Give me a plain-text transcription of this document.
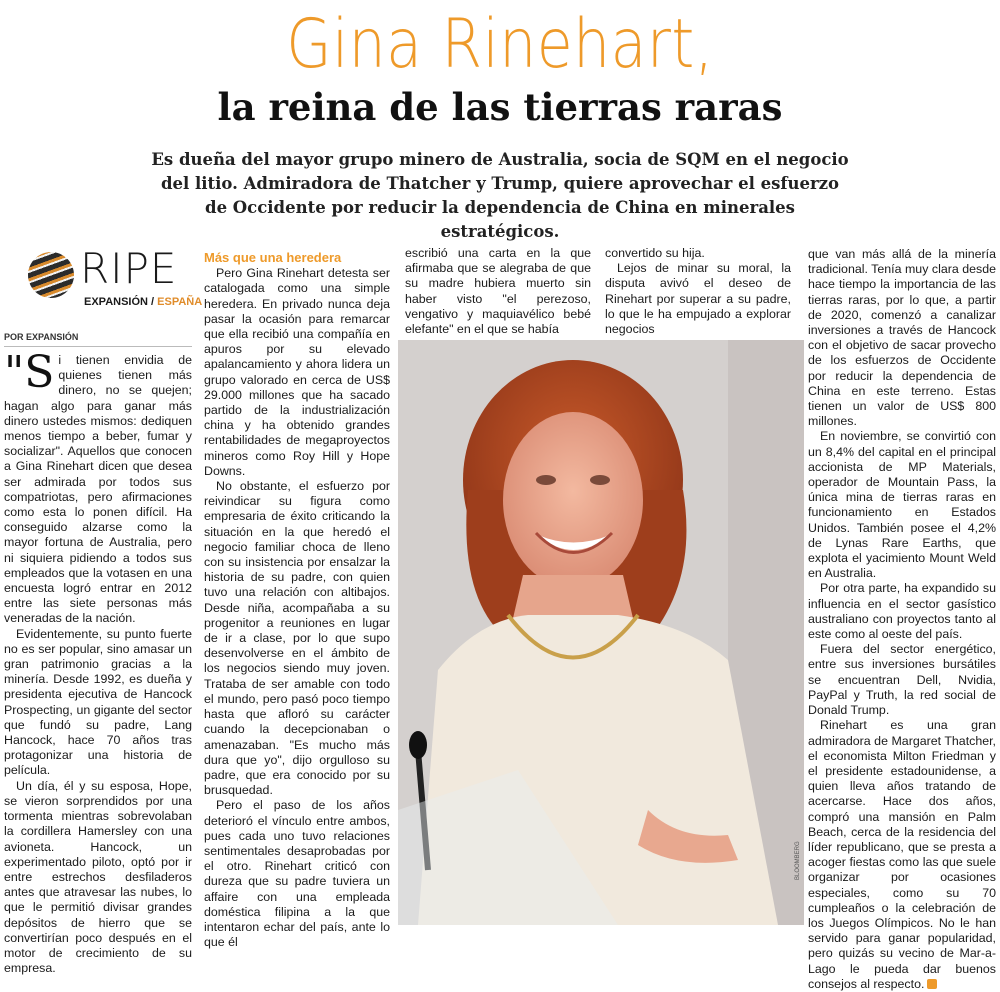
Gina Rinehart,
la reina de las tierras raras
Es dueña del mayor grupo minero de Australia, socia de SQM en el negocio del litio. Admiradora de Thatcher y Trump, quiere aprovechar el esfuerzo de Occidente por reducir la dependencia de China en minerales estratégicos.
RIPE
EXPANSIÓN / ESPAÑA
POR EXPANSIÓN

"Si tienen envidia de quienes tienen más dinero, no se quejen; hagan algo para ganar más dinero ustedes mismos: dediquen menos tiempo a beber, fumar y socializar". Aquellos que conocen a Gina Rinehart dicen que desea ser admirada por todos sus compatriotas, pero afirmaciones como esta lo ponen difícil. Ha conseguido alzarse como la mayor fortuna de Australia, pero ni siquiera pidiendo a todos sus empleados que la votasen en una encuesta logró entrar en 2012 entre las siete personas más veneradas de la nación.

Evidentemente, su punto fuerte no es ser popular, sino amasar un gran patrimonio gracias a la minería. Desde 1992, es dueña y presidenta ejecutiva de Hancock Prospecting, un gigante del sector que fundó su padre, Lang Hancock, hace 70 años tras protagonizar una historia de película.

Un día, él y su esposa, Hope, se vieron sorprendidos por una tormenta mientras sobrevolaban la cordillera Hamersley con una avioneta. Hancock, un experimentado piloto, optó por ir entre estrechos desfiladeros antes que atravesar las nubes, lo que le permitió divisar grandes depósitos de hierro que se convertirían poco después en el motor de crecimiento de su empresa.

Más que una heredera

Pero Gina Rinehart detesta ser catalogada como una simple heredera. En privado nunca deja pasar la ocasión para remarcar que ella recibió una compañía en apuros por su elevado apalancamiento y ahora lidera un grupo valorado en cerca de US$ 29.000 millones que ha sacado partido de la industrialización china y ha obtenido grandes rentabilidades de megaproyectos mineros como Roy Hill y Hope Downs.

No obstante, el esfuerzo por reivindicar su figura como empresaria de éxito criticando la situación en la que heredó el negocio familiar choca de lleno con su insistencia por ensalzar la historia de su padre, con quien tuvo una relación con altibajos. Desde niña, acompañaba a su progenitor a reuniones en lugar de ir a clase, por lo que supo desenvolverse en el ámbito de los negocios siendo muy joven. Trataba de ser amable con todo el mundo, pero pasó poco tiempo hasta que afloró su carácter cuando la decepcionaban o amenazaban. "Es mucho más dura que yo", dijo orgulloso su padre, que era conocido por su brusquedad.

Pero el paso de los años deterioró el vínculo entre ambos, pues cada uno tuvo relaciones sentimentales desaprobadas por el otro. Rinehart criticó con dureza que su padre tuviera un affaire con una empleada doméstica filipina a la que intentaron echar del país, ante lo que él

escribió una carta en la que afirmaba que se alegraba de que su madre hubiera muerto sin haber visto "el perezoso, vengativo y maquiavélico bebé elefante" en el que se había

convertido su hija.

Lejos de minar su moral, la disputa avivó el deseo de Rinehart por superar a su padre, lo que le ha empujado a explorar negocios

que van más allá de la minería tradicional. Tenía muy clara desde hace tiempo la importancia de las tierras raras, por lo que, a partir de 2020, comenzó a canalizar inversiones a través de Hancock con el objetivo de sacar provecho de los esfuerzos de Occidente por reducir la dependencia de China en este terreno. Estas tienen un valor de US$ 800 millones.

En noviembre, se convirtió con un 8,4% del capital en el principal accionista de MP Materials, operador de Mountain Pass, la única mina de tierras raras en funcionamiento en Estados Unidos. También posee el 4,2% de Lynas Rare Earths, que explota el yacimiento Mount Weld en Australia.

Por otra parte, ha expandido su influencia en el sector gasístico australiano con proyectos tanto al este como al oeste del país.

Fuera del sector energético, entre sus inversiones bursátiles se encuentran Dell, Nvidia, PayPal y Truth, la red social de Donald Trump.

Rinehart es una gran admiradora de Margaret Thatcher, el economista Milton Friedman y el presidente estadounidense, a quien lleva años tratando de acercarse. Hace dos años, compró una mansión en Palm Beach, cerca de la residencia del líder republicano, que se presta a acoger fiestas como las que suele organizar por ocasiones especiales, como su 70 cumpleaños o la celebración de los Juegos Olímpicos. No le han servido para ganar popularidad, pero quizás su vecino de Mar-a-Lago le pueda dar buenos consejos al respecto.

BLOOMBERG
